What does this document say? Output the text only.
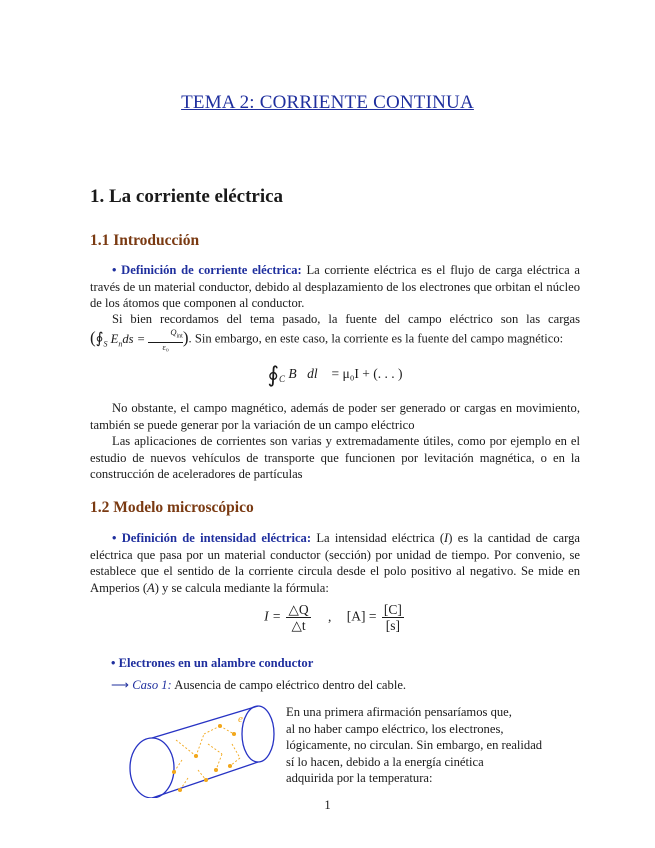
TEMA 2: CORRIENTE CONTINUA
1. La corriente eléctrica
1.1 Introducción
• Definición de corriente eléctrica: La corriente eléctrica es el flujo de carga eléctrica a través de un material conductor, debido al desplazamiento de los electrones que orbitan el núcleo de los átomos que componen al conductor.
Si bien recordamos del tema pasado, la fuente del campo eléctrico son las cargas ($∮_S$ $E_nds = \frac{Q_{int}}{\text{ε₀}}$). Sin embargo, en este caso, la corriente es la fuente del campo magnético:
$∮_C$ B⃗dl⃗ = μ₀I + (. . . )
No obstante, el campo magnético, además de poder ser generado or cargas en movimiento, también se puede generar por la variación de un campo eléctrico
Las aplicaciones de corrientes son varias y extremadamente útiles, como por ejemplo en el estudio de nuevos vehículos de transporte que funcionen por levitación magnética, o en la construcción de aceleradores de partículas
1.2 Modelo microscópico
• Definición de intensidad eléctrica: La intensidad eléctrica (I) es la cantidad de carga eléctrica que pasa por un material conductor (sección) por unidad de tiempo. Por convenio, se establece que el sentido de la corriente circula desde el polo positivo al negativo. Se mide en Amperios (A) y se calcula mediante la fórmula:
$I = \frac{\triangle Q}{\triangle t}$ , $[A] = \frac{[C]}{[s]}$
• Electrones en un alambre conductor
⟶ Caso 1: Ausencia de campo eléctrico dentro del cable.
e	En una primera afirmación pensaríamos que,
al no haber campo eléctrico, los electrones,
lógicamente, no circulan. Sin embargo, en realidad
sí lo hacen, debido a la energía cinética
adquirida por la temperatura:
1
